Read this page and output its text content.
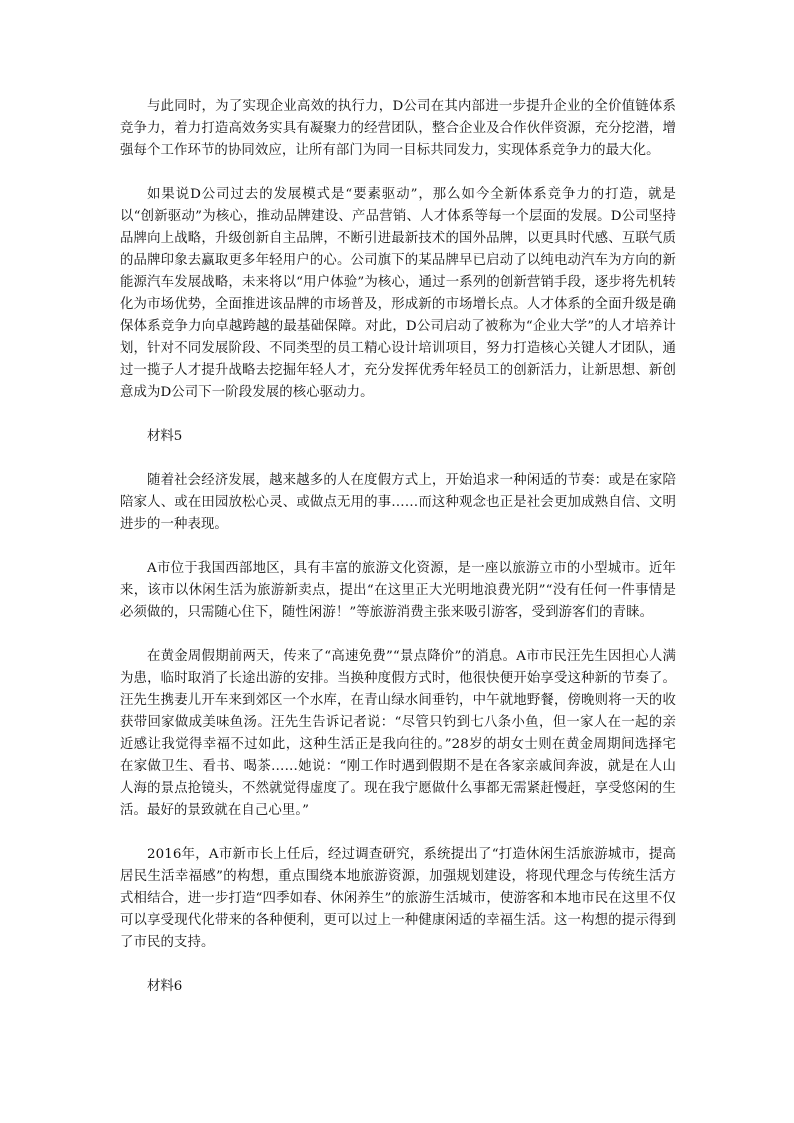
与此同时，为了实现企业高效的执行力，D公司在其内部进一步提升企业的全价值链体系竞争力，着力打造高效务实具有凝聚力的经营团队，整合企业及合作伙伴资源，充分挖潜，增强每个工作环节的协同效应，让所有部门为同一目标共同发力，实现体系竞争力的最大化。

如果说D公司过去的发展模式是“要素驱动”，那么如今全新体系竞争力的打造，就是以“创新驱动”为核心，推动品牌建设、产品营销、人才体系等每一个层面的发展。D公司坚持品牌向上战略，升级创新自主品牌，不断引进最新技术的国外品牌，以更具时代感、互联气质的品牌印象去赢取更多年轻用户的心。公司旗下的某品牌早已启动了以纯电动汽车为方向的新能源汽车发展战略，未来将以“用户体验”为核心，通过一系列的创新营销手段，逐步将先机转化为市场优势，全面推进该品牌的市场普及，形成新的市场增长点。人才体系的全面升级是确保体系竞争力向卓越跨越的最基础保障。对此，D公司启动了被称为“企业大学”的人才培养计划，针对不同发展阶段、不同类型的员工精心设计培训项目，努力打造核心关键人才团队，通过一揽子人才提升战略去挖掘年轻人才，充分发挥优秀年轻员工的创新活力，让新思想、新创意成为D公司下一阶段发展的核心驱动力。

材料5

随着社会经济发展，越来越多的人在度假方式上，开始追求一种闲适的节奏：或是在家陪陪家人、或在田园放松心灵、或做点无用的事……而这种观念也正是社会更加成熟自信、文明进步的一种表现。

A市位于我国西部地区，具有丰富的旅游文化资源，是一座以旅游立市的小型城市。近年来，该市以休闲生活为旅游新卖点，提出“在这里正大光明地浪费光阴”“没有任何一件事情是必须做的，只需随心住下，随性闲游！”等旅游消费主张来吸引游客，受到游客们的青睐。

在黄金周假期前两天，传来了“高速免费”“景点降价”的消息。A市市民汪先生因担心人满为患，临时取消了长途出游的安排。当换种度假方式时，他很快便开始享受这种新的节奏了。汪先生携妻儿开车来到郊区一个水库，在青山绿水间垂钓，中午就地野餐，傍晚则将一天的收获带回家做成美味鱼汤。汪先生告诉记者说：“尽管只钓到七八条小鱼，但一家人在一起的亲近感让我觉得幸福不过如此，这种生活正是我向往的。”28岁的胡女士则在黄金周期间选择宅在家做卫生、看书、喝茶……她说：“刚工作时遇到假期不是在各家亲戚间奔波，就是在人山人海的景点抢镜头，不然就觉得虚度了。现在我宁愿做什么事都无需紧赶慢赶，享受悠闲的生活。最好的景致就在自己心里。”

2016年，A市新市长上任后，经过调查研究，系统提出了“打造休闲生活旅游城市，提高居民生活幸福感”的构想，重点围绕本地旅游资源，加强规划建设，将现代理念与传统生活方式相结合，进一步打造“四季如春、休闲养生”的旅游生活城市，使游客和本地市民在这里不仅可以享受现代化带来的各种便利，更可以过上一种健康闲适的幸福生活。这一构想的提示得到了市民的支持。

材料6
